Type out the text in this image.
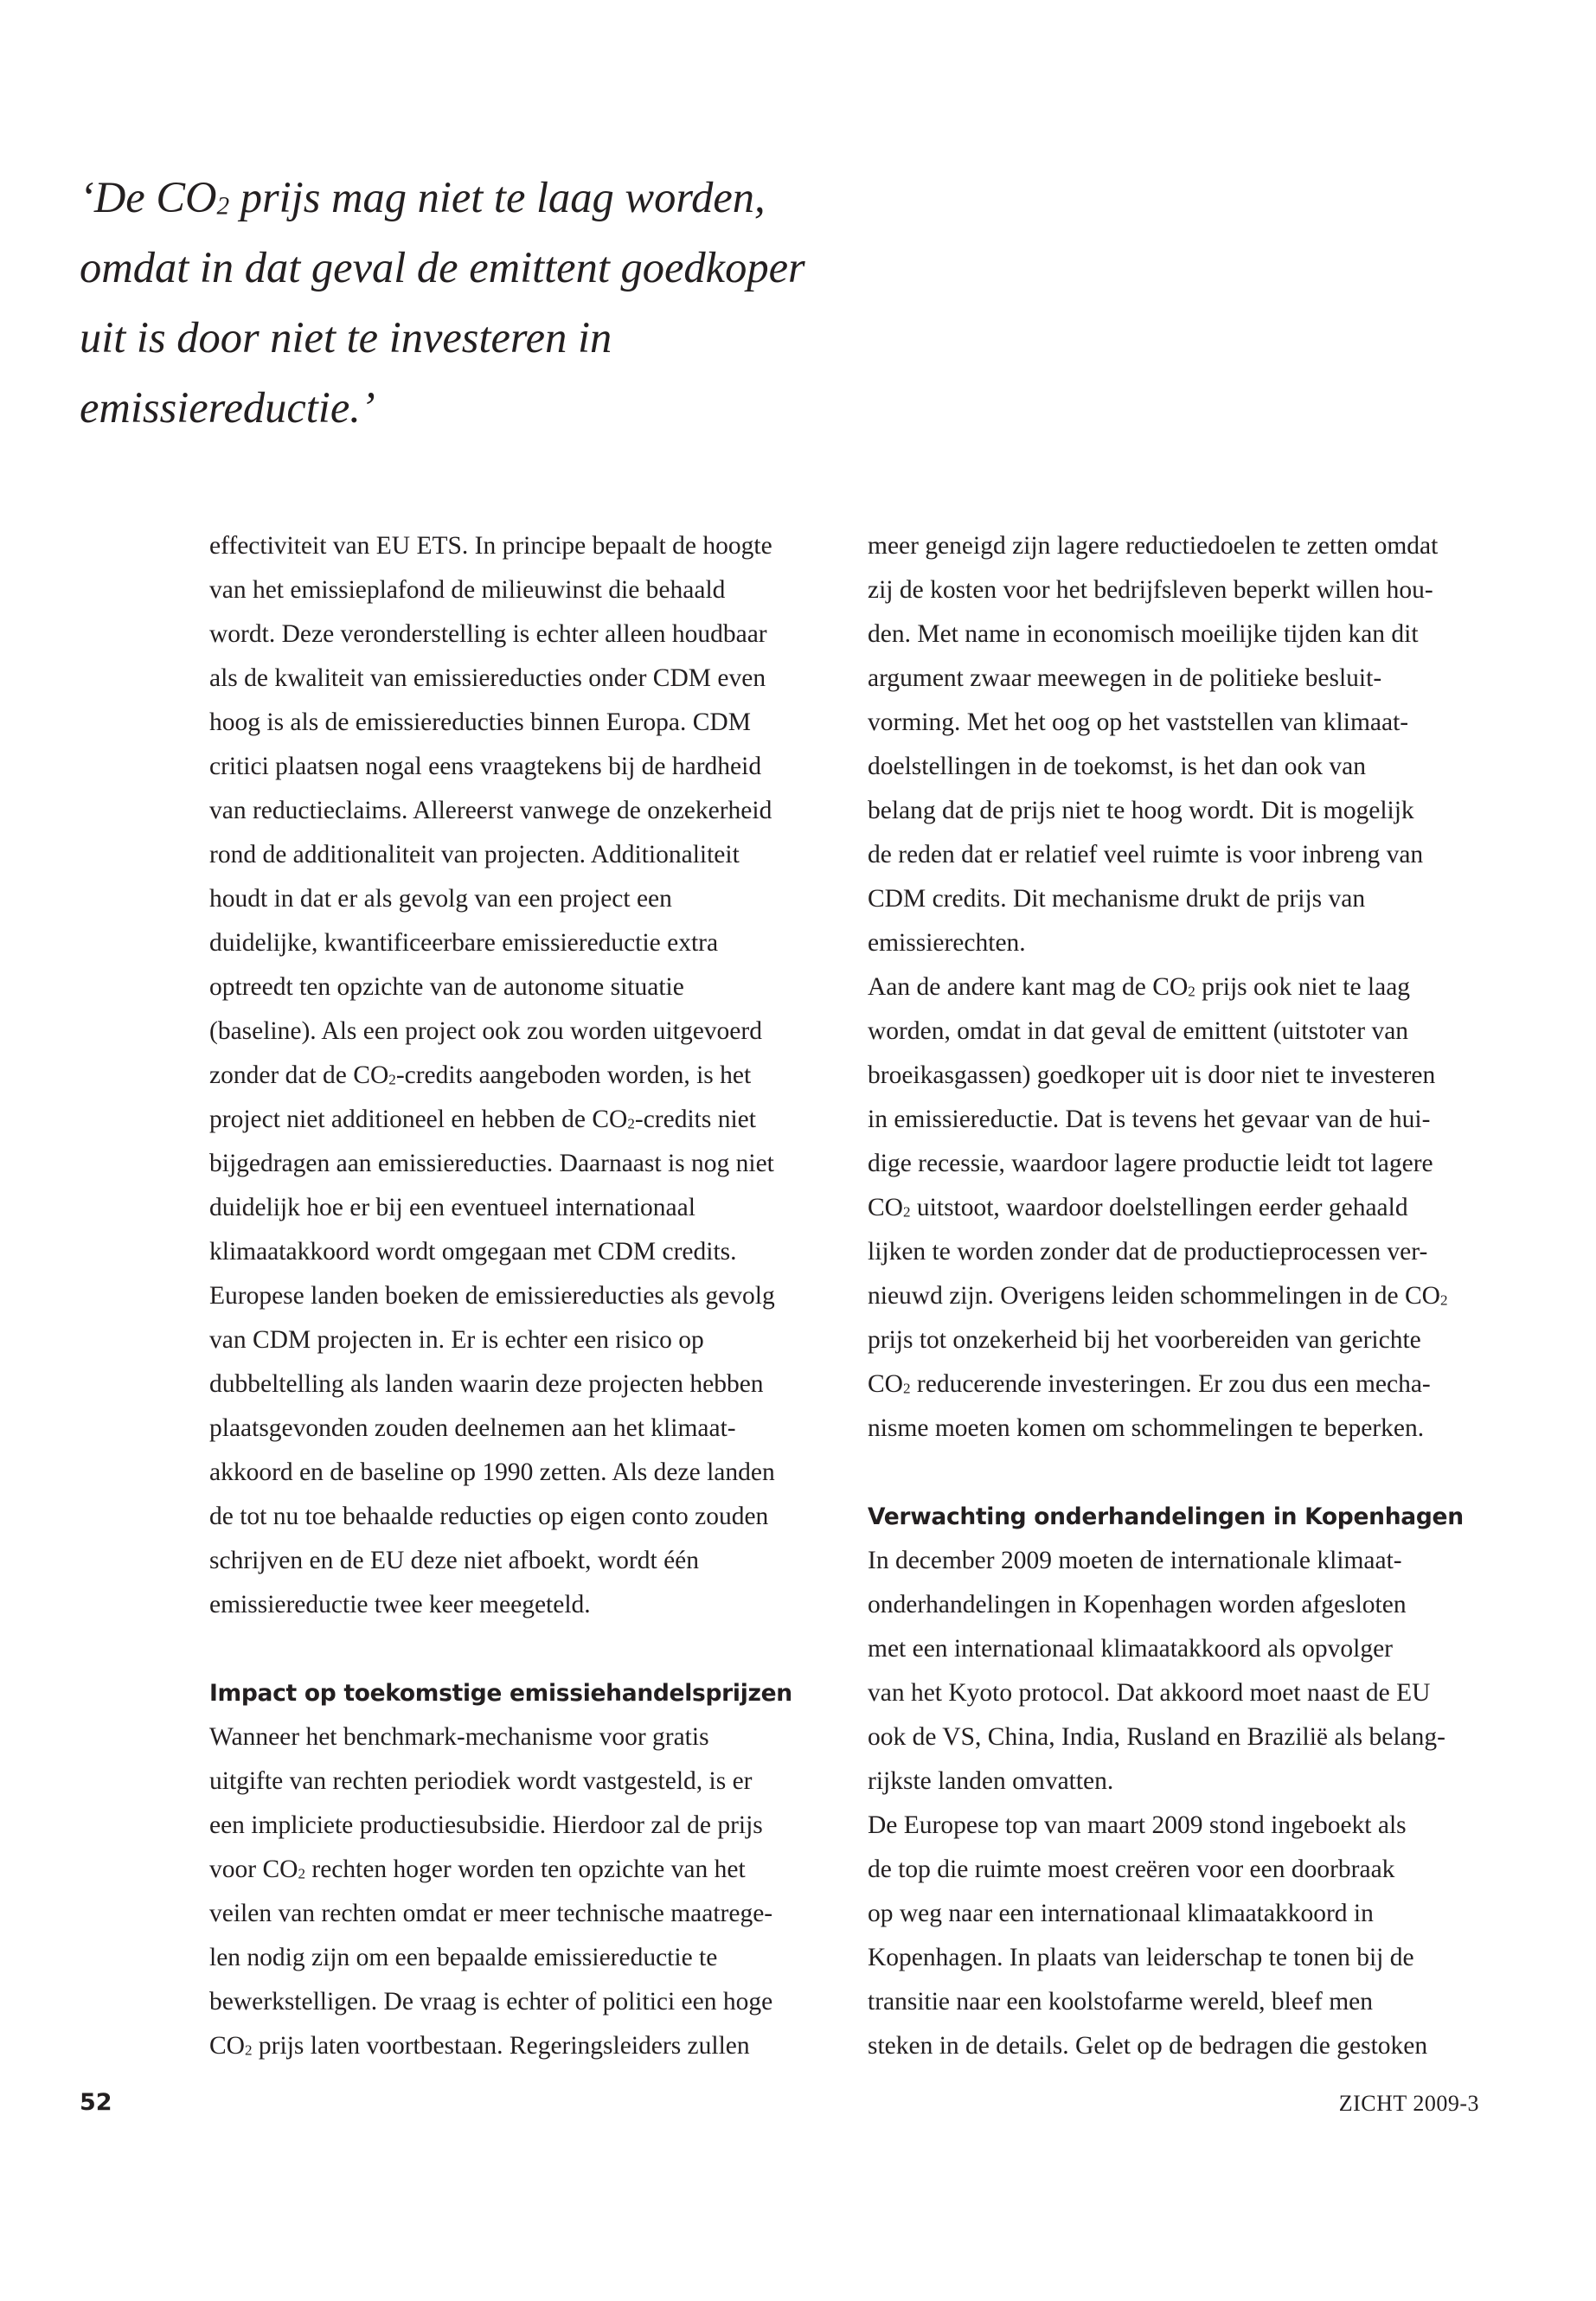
‘De $CO_2$ prijs mag niet te laag worden,
omdat in dat geval de emittent goedkoper
uit is door niet te investeren in
emissiereductie.’
effectiviteit van EU ETS. In principe bepaalt de hoogte
van het emissieplafond de milieuwinst die behaald
wordt. Deze veronderstelling is echter alleen houdbaar
als de kwaliteit van emissiereducties onder CDM even
hoog is als de emissiereducties binnen Europa. CDM
critici plaatsen nogal eens vraagtekens bij de hardheid
van reductieclaims. Allereerst vanwege de onzekerheid
rond de additionaliteit van projecten. Additionaliteit
houdt in dat er als gevolg van een project een
duidelijke, kwantificeerbare emissiereductie extra
optreedt ten opzichte van de autonome situatie
(baseline). Als een project ook zou worden uitgevoerd
zonder dat de $CO_2$-credits aangeboden worden, is het
project niet additioneel en hebben de $CO_2$-credits niet
bijgedragen aan emissiereducties. Daarnaast is nog niet
duidelijk hoe er bij een eventueel internationaal
klimaatakkoord wordt omgegaan met CDM credits.
Europese landen boeken de emissiereducties als gevolg
van CDM projecten in. Er is echter een risico op
dubbeltelling als landen waarin deze projecten hebben
plaatsgevonden zouden deelnemen aan het klimaat-
akkoord en de baseline op 1990 zetten. Als deze landen
de tot nu toe behaalde reducties op eigen conto zouden
schrijven en de EU deze niet afboekt, wordt één
emissiereductie twee keer meegeteld.
Impact op toekomstige emissiehandelsprijzen
Wanneer het benchmark-mechanisme voor gratis
uitgifte van rechten periodiek wordt vastgesteld, is er
een impliciete productiesubsidie. Hierdoor zal de prijs
voor $CO_2$ rechten hoger worden ten opzichte van het
veilen van rechten omdat er meer technische maatrege-
len nodig zijn om een bepaalde emissiereductie te
bewerkstelligen. De vraag is echter of politici een hoge
$CO_2$ prijs laten voortbestaan. Regeringsleiders zullen
meer geneigd zijn lagere reductiedoelen te zetten omdat
zij de kosten voor het bedrijfsleven beperkt willen hou-
den. Met name in economisch moeilijke tijden kan dit
argument zwaar meewegen in de politieke besluit-
vorming. Met het oog op het vaststellen van klimaat-
doelstellingen in de toekomst, is het dan ook van
belang dat de prijs niet te hoog wordt. Dit is mogelijk
de reden dat er relatief veel ruimte is voor inbreng van
CDM credits. Dit mechanisme drukt de prijs van
emissierechten.
Aan de andere kant mag de $CO_2$ prijs ook niet te laag
worden, omdat in dat geval de emittent (uitstoter van
broeikasgassen) goedkoper uit is door niet te investeren
in emissiereductie. Dat is tevens het gevaar van de hui-
dige recessie, waardoor lagere productie leidt tot lagere
$CO_2$ uitstoot, waardoor doelstellingen eerder gehaald
lijken te worden zonder dat de productieprocessen ver-
nieuwd zijn. Overigens leiden schommelingen in de $CO_2$
prijs tot onzekerheid bij het voorbereiden van gerichte
$CO_2$ reducerende investeringen. Er zou dus een mecha-
nisme moeten komen om schommelingen te beperken.
Verwachting onderhandelingen in Kopenhagen
In december 2009 moeten de internationale klimaat-
onderhandelingen in Kopenhagen worden afgesloten
met een internationaal klimaatakkoord als opvolger
van het Kyoto protocol. Dat akkoord moet naast de EU
ook de VS, China, India, Rusland en Brazilië als belang-
rijkste landen omvatten.
De Europese top van maart 2009 stond ingeboekt als
de top die ruimte moest creëren voor een doorbraak
op weg naar een internationaal klimaatakkoord in
Kopenhagen. In plaats van leiderschap te tonen bij de
transitie naar een koolstofarme wereld, bleef men
steken in de details. Gelet op de bedragen die gestoken
52	ZICHT 2009-3
